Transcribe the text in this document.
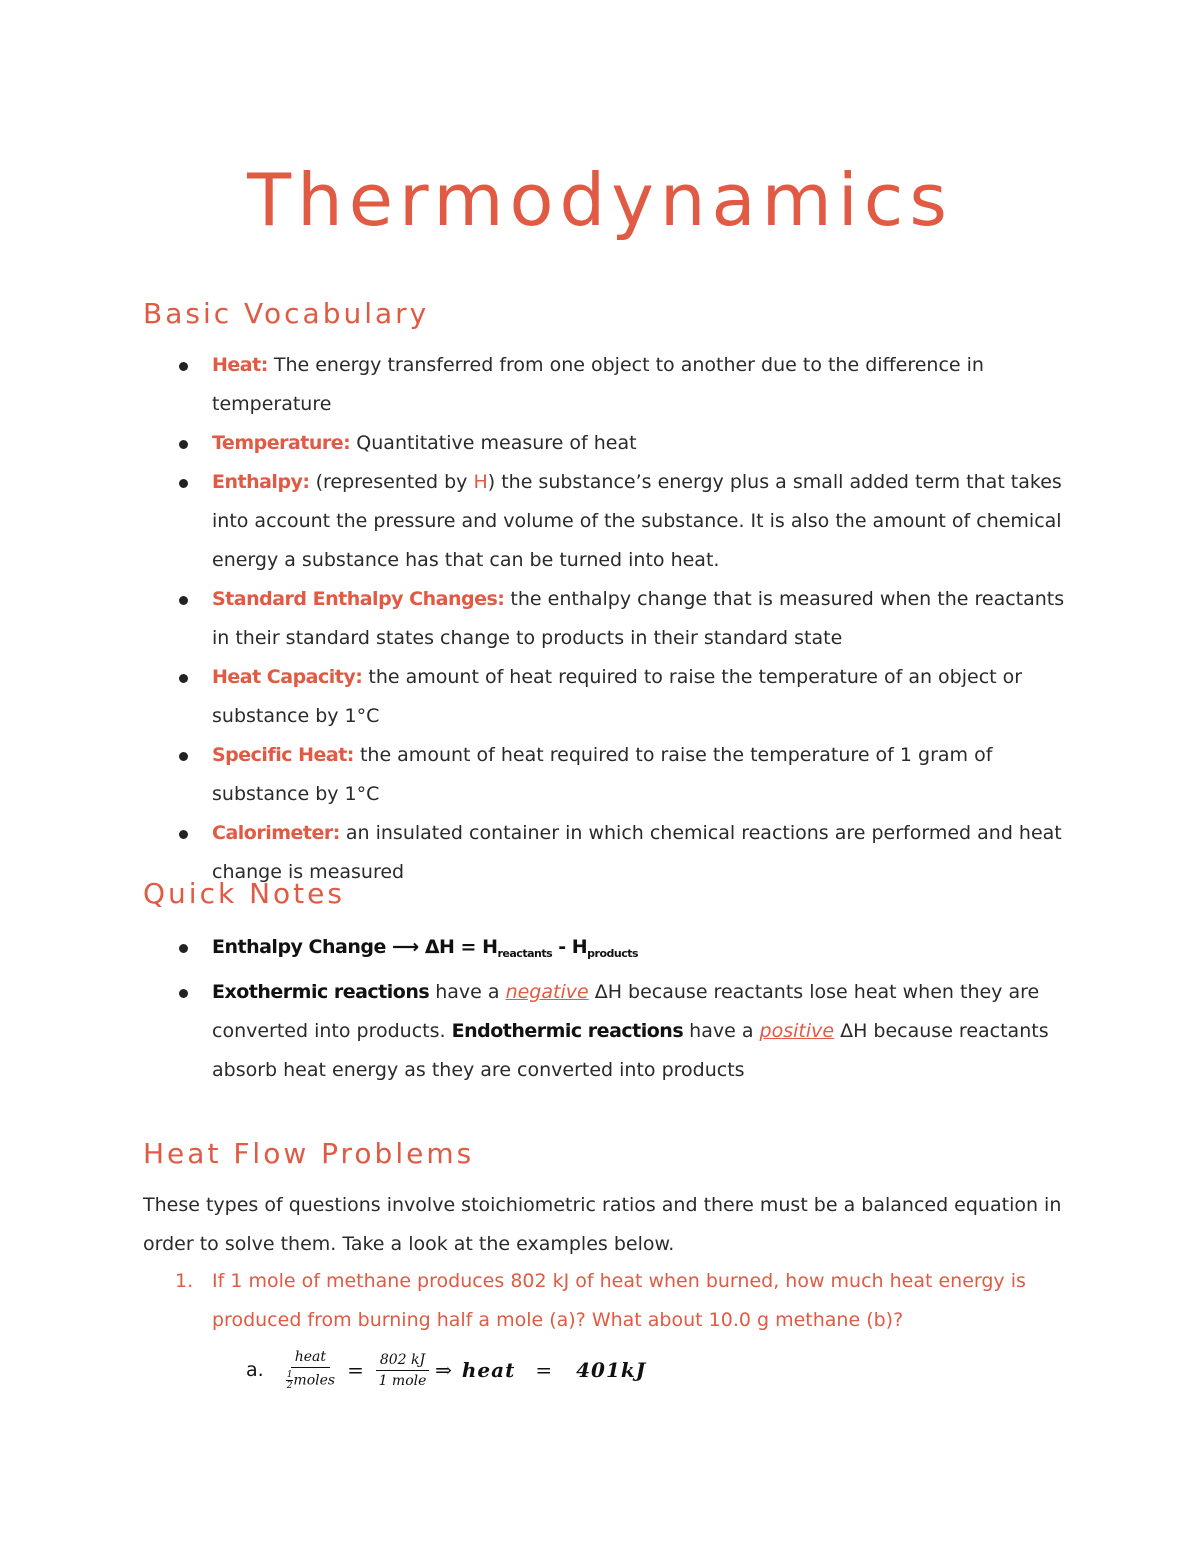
Thermodynamics
Basic Vocabulary
Heat: The energy transferred from one object to another due to the difference in temperature
Temperature: Quantitative measure of heat
Enthalpy: (represented by H) the substance’s energy plus a small added term that takes into account the pressure and volume of the substance. It is also the amount of chemical energy a substance has that can be turned into heat.
Standard Enthalpy Changes: the enthalpy change that is measured when the reactants in their standard states change to products in their standard state
Heat Capacity: the amount of heat required to raise the temperature of an object or substance by 1°C
Specific Heat: the amount of heat required to raise the temperature of 1 gram of substance by 1°C
Calorimeter: an insulated container in which chemical reactions are performed and heat change is measured
Quick Notes
Enthalpy Change ⟶ $\Delta H = H_{reactants} - H_{products}$
Exothermic reactions have a negative ΔH because reactants lose heat when they are converted into products. Endothermic reactions have a positive ΔH because reactants absorb heat energy as they are converted into products
Heat Flow Problems
These types of questions involve stoichiometric ratios and there must be a balanced equation in order to solve them. Take a look at the examples below.
1. If 1 mole of methane produces 802 kJ of heat when burned, how much heat energy is produced from burning half a mole (a)? What about 10.0 g methane (b)?
a. $\frac{\text{heat}}{\frac{1}{2} moles} = \frac{802 kJ}{\text{1 mole}}$ ⇒ heat = 401kJ
